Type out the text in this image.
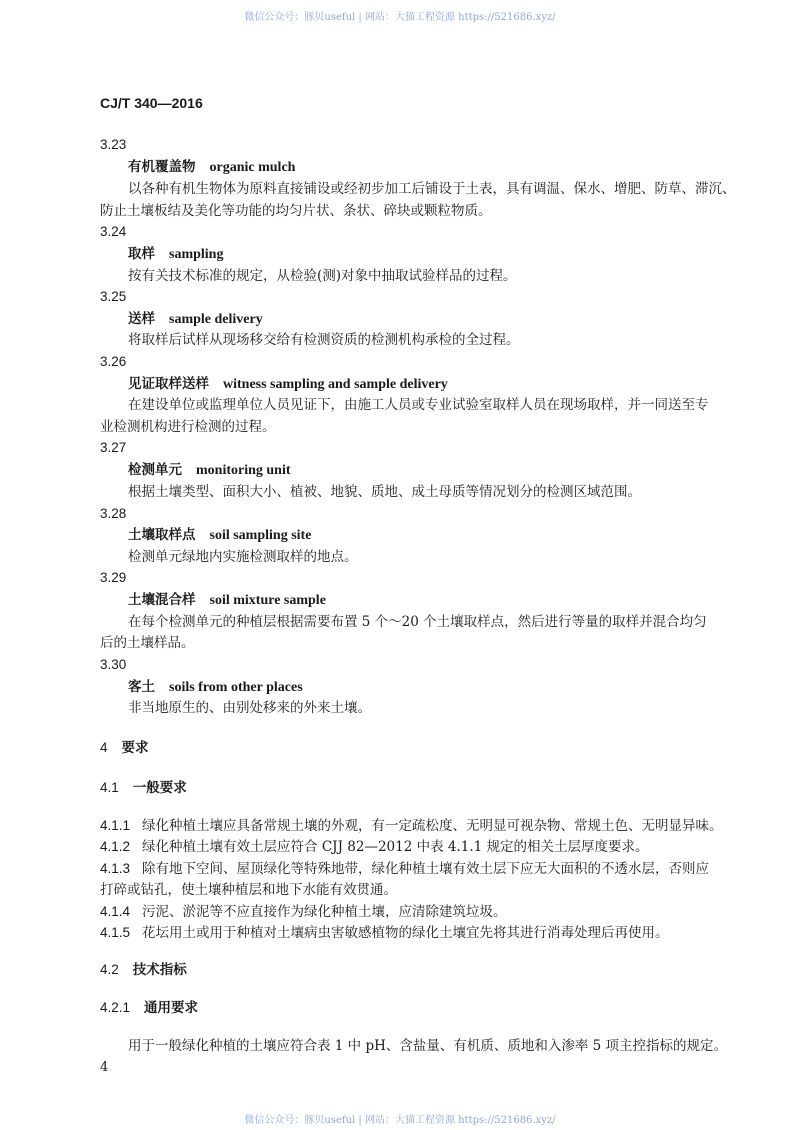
微信公众号：豚贝useful | 网站：大猫工程资源 https://521686.xyz/
CJ/T 340—2016
3.23
有机覆盖物 organic mulch
以各种有机生物体为原料直接铺设或经初步加工后铺设于土表，具有调温、保水、增肥、防草、滞沉、
防止土壤板结及美化等功能的均匀片状、条状、碎块或颗粒物质。
3.24
取样 sampling
按有关技术标准的规定，从检验(测)对象中抽取试验样品的过程。
3.25
送样 sample delivery
将取样后试样从现场移交给有检测资质的检测机构承检的全过程。
3.26
见证取样送样 witness sampling and sample delivery
在建设单位或监理单位人员见证下，由施工人员或专业试验室取样人员在现场取样，并一同送至专
业检测机构进行检测的过程。
3.27
检测单元 monitoring unit
根据土壤类型、面积大小、植被、地貌、质地、成土母质等情况划分的检测区域范围。
3.28
土壤取样点 soil sampling site
检测单元绿地内实施检测取样的地点。
3.29
土壤混合样 soil mixture sample
在每个检测单元的种植层根据需要布置 5 个～20 个土壤取样点，然后进行等量的取样并混合均匀
后的土壤样品。
3.30
客土 soils from other places
非当地原生的、由别处移来的外来土壤。
4 要求
4.1 一般要求
4.1.1 绿化种植土壤应具备常规土壤的外观，有一定疏松度、无明显可视杂物、常规土色、无明显异味。
4.1.2 绿化种植土壤有效土层应符合 CJJ 82—2012 中表 4.1.1 规定的相关土层厚度要求。
4.1.3 除有地下空间、屋顶绿化等特殊地带，绿化种植土壤有效土层下应无大面积的不透水层，否则应
打碎或钻孔，使土壤种植层和地下水能有效贯通。
4.1.4 污泥、淤泥等不应直接作为绿化种植土壤，应清除建筑垃圾。
4.1.5 花坛用土或用于种植对土壤病虫害敏感植物的绿化土壤宜先将其进行消毒处理后再使用。
4.2 技术指标
4.2.1 通用要求
用于一般绿化种植的土壤应符合表 1 中 pH、含盐量、有机质、质地和入渗率 5 项主控指标的规定。
4
微信公众号：豚贝useful | 网站：大猫工程资源 https://521686.xyz/
